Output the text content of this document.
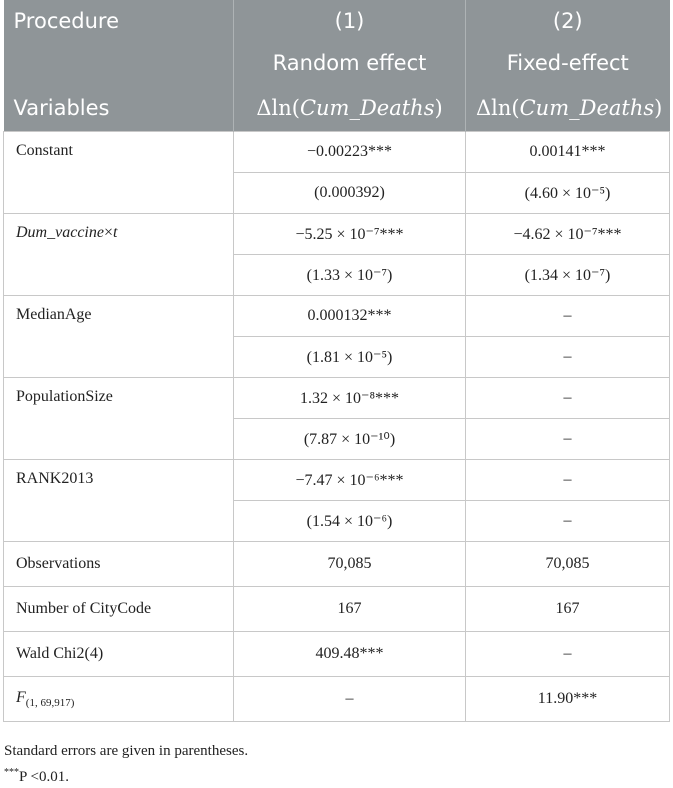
Procedure	(1)	(2)
	Random effect	Fixed-effect
Variables	Δln(Cum_Deaths)	Δln(Cum_Deaths)
Constant	−0.00223***	0.00141***
	(0.000392)	(4.60 × 10⁻⁵)
Dum_vaccine×t	−5.25 × 10⁻⁷***	−4.62 × 10⁻⁷***
	(1.33 × 10⁻⁷)	(1.34 × 10⁻⁷)
MedianAge	0.000132***	–
	(1.81 × 10⁻⁵)	–
PopulationSize	1.32 × 10⁻⁸***	–
	(7.87 × 10⁻¹⁰)	–
RANK2013	−7.47 × 10⁻⁶***	–
	(1.54 × 10⁻⁶)	–
Observations	70,085	70,085
Number of CityCode	167	167
Wald Chi2(4)	409.48***	–
$F_{(1, 69,917)}$	–	11.90***
Standard errors are given in parentheses.
***P <0.01.
